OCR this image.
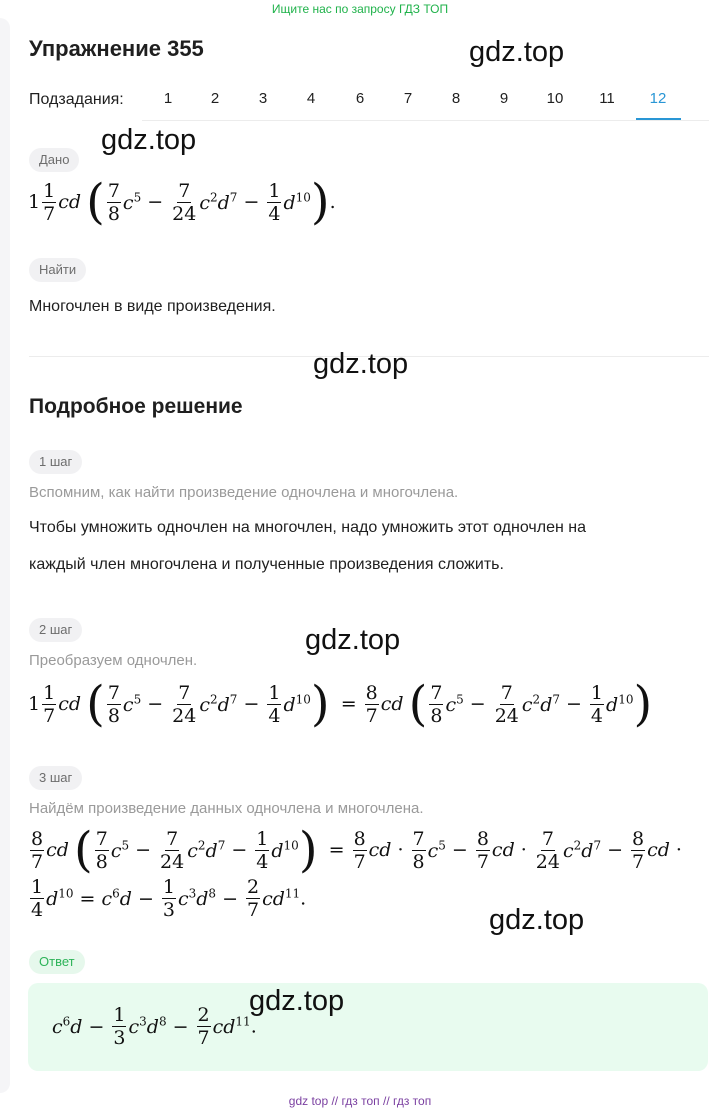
Ищите нас по запросу ГДЗ ТОП
Упражнение 355	gdz.top
Подзадания:	1	2	3	4	6	7	8	9	10	11	12
Дано
gdz.top
$1 \frac{1}{7}$ cd ( $\frac{7}{8} c^5 - \frac{7}{24} c^2d^7 - \frac{1}{4} d^{10}$).
Найти
Многочлен в виде произведения.
gdz.top
Подробное решение
1 шаг
Вспомним, как найти произведение одночлена и многочлена.
Чтобы умножить одночлен на многочлен, надо умножить этот одночлен на
каждый член многочлена и полученные произведения сложить.
2 шаг	gdz.top
Преобразуем одночлен.
$1 \frac{1}{7}$ cd ( $\frac{7}{8} c^5 - \frac{7}{24} c^2d^7 - \frac{1}{4} d^{10}) = \frac{8}{7}$ cd ( $\frac{7}{8} c^5 - \frac{7}{24} c^2d^7 - \frac{1}{4} d^{10}$)
3 шаг
Найдём произведение данных одночлена и многочлена.
$\frac{8}{7}$ cd ( $\frac{7}{8} c^5 - \frac{7}{24} c^2d^7 - \frac{1}{4} d^{10}) = \frac{8}{7}$ cd · $\frac{7}{8} c^5 - \frac{8}{7}$ cd · $\frac{7}{24} c^2d^7 - \frac{8}{7}$ cd ·
$\frac{1}{4} d^{10} = c^6d - \frac{1}{3} c^3d^8 - \frac{2}{7} cd^{11}$.
gdz.top
Ответ
gdz.top
$c^6d - \frac{1}{3} c^3d^8 - \frac{2}{7} cd^{11}$.
gdz top // гдз топ // гдз топ
